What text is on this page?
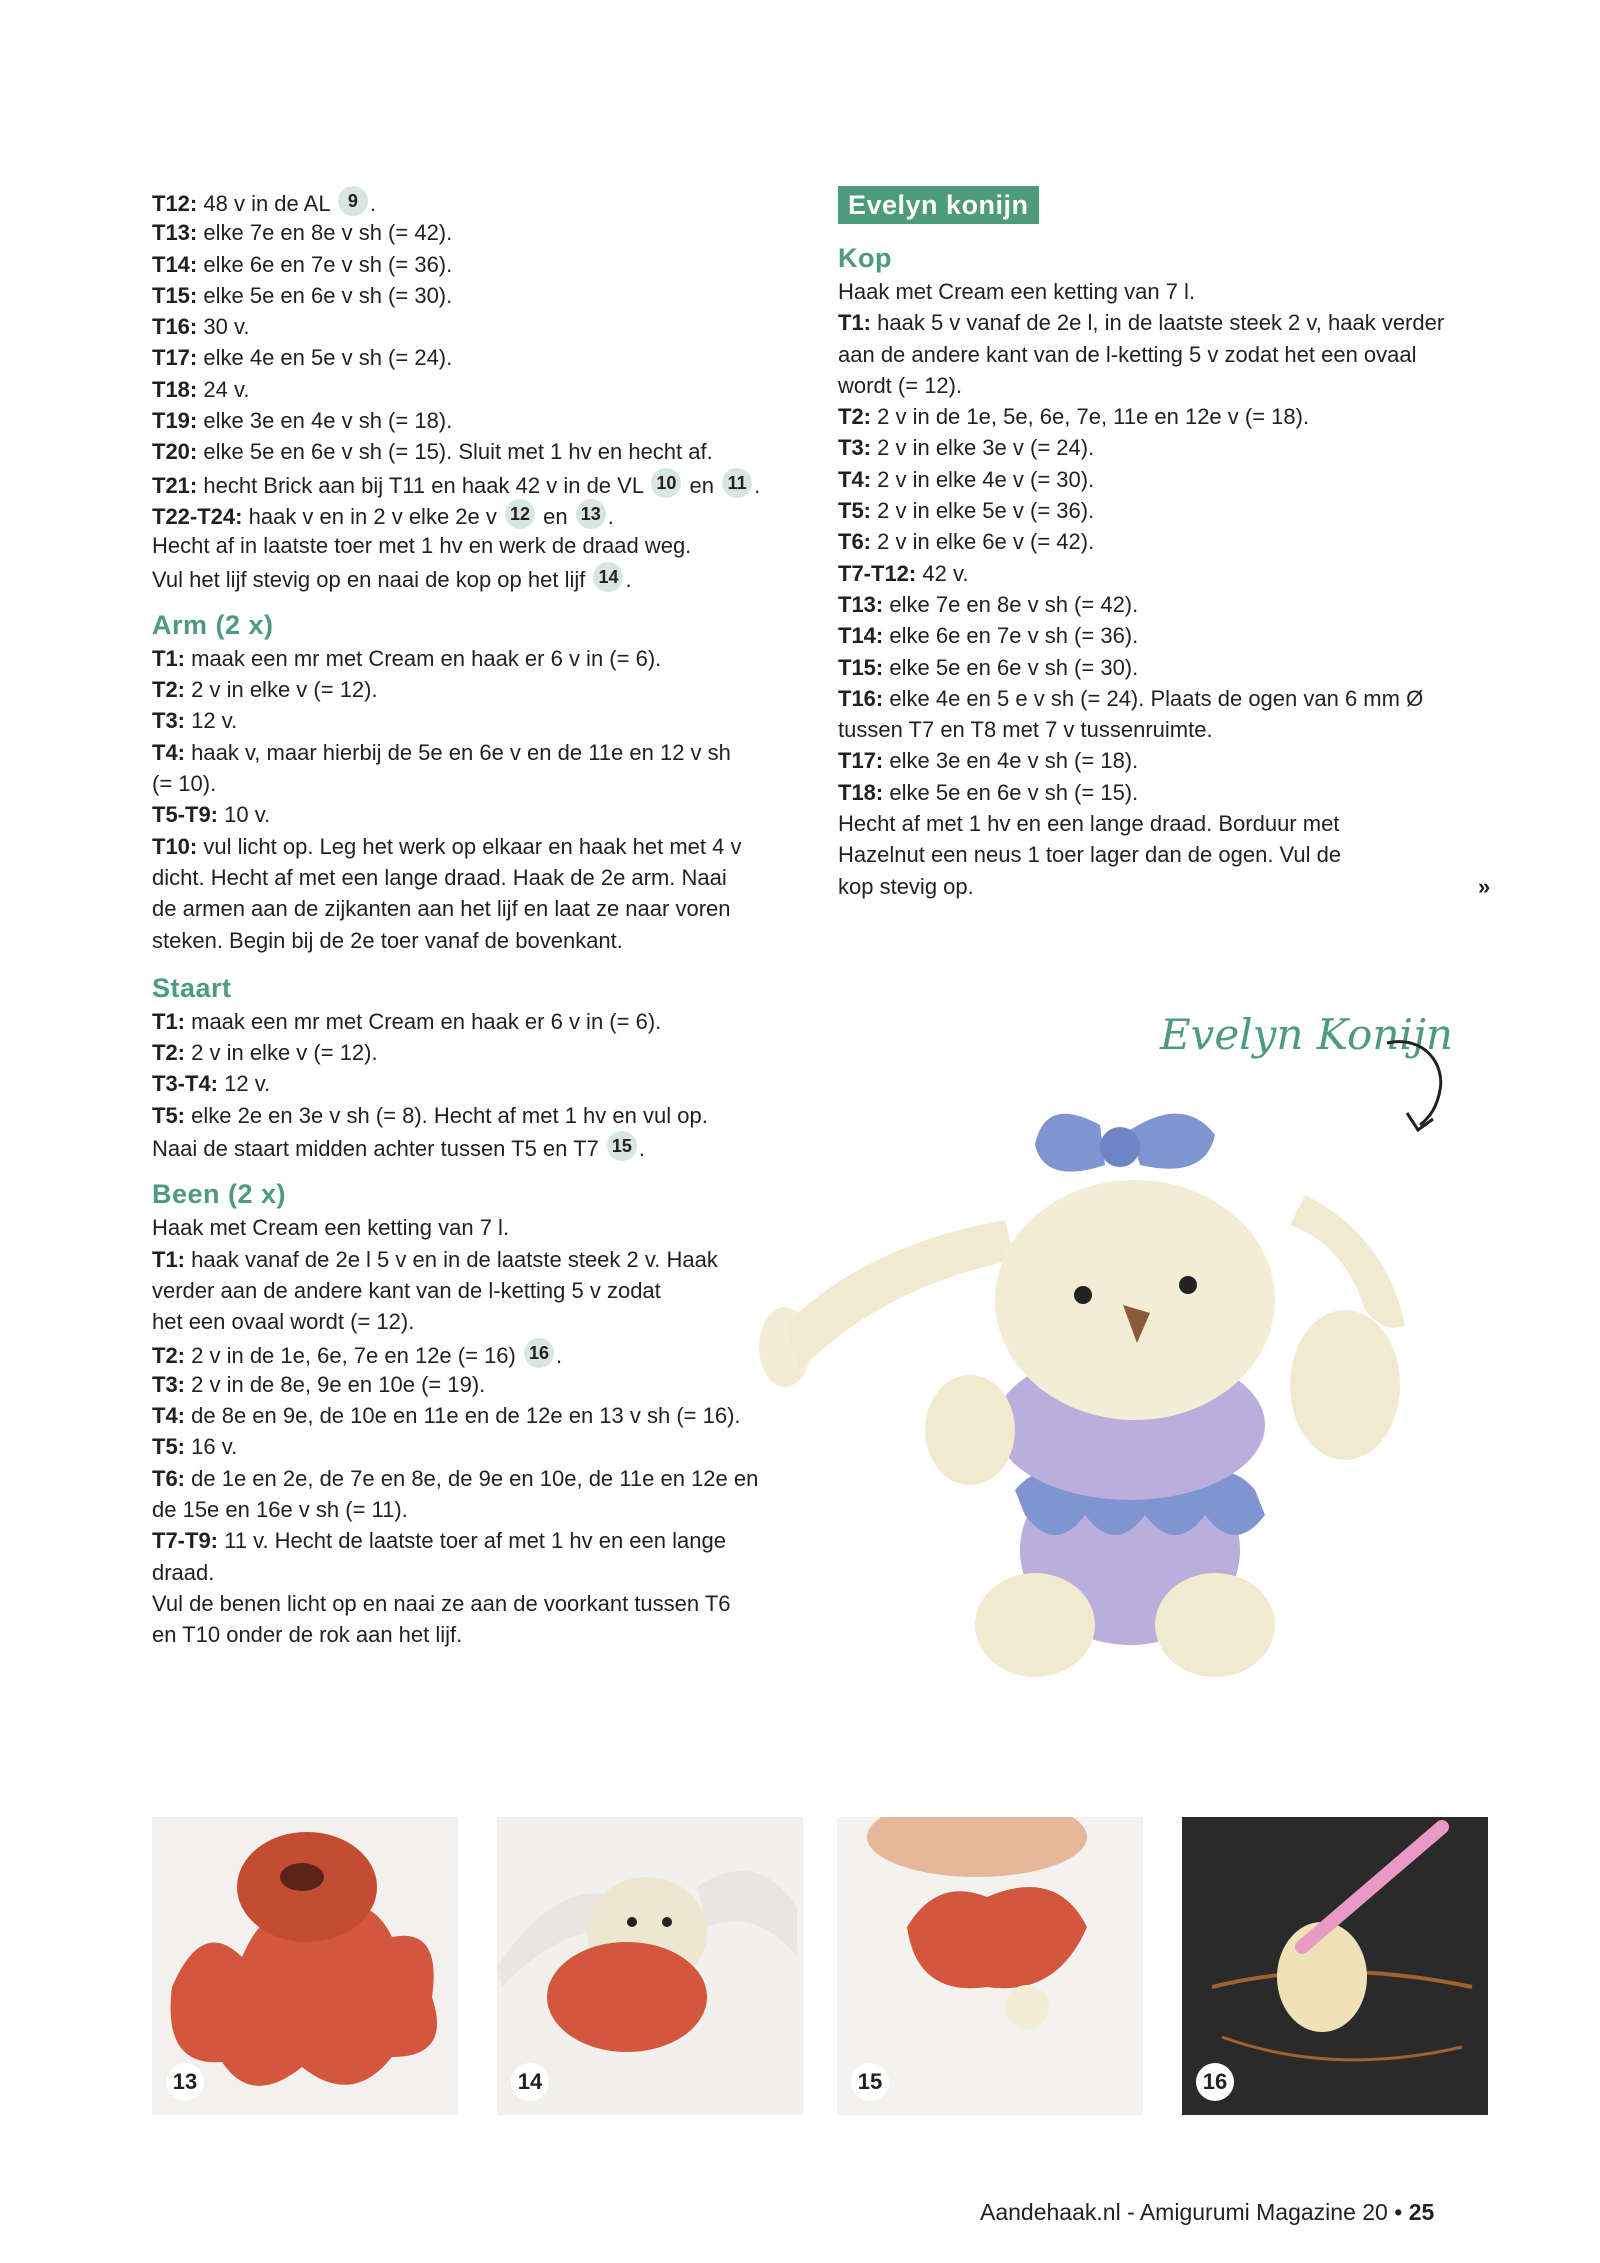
T12: 48 v in de AL 9 .
T13: elke 7e en 8e v sh (= 42).
T14: elke 6e en 7e v sh (= 36).
T15: elke 5e en 6e v sh (= 30).
T16: 30 v.
T17: elke 4e en 5e v sh (= 24).
T18: 24 v.
T19: elke 3e en 4e v sh (= 18).
T20: elke 5e en 6e v sh (= 15). Sluit met 1 hv en hecht af.
T21: hecht Brick aan bij T11 en haak 42 v in de VL 10 en 11 .
T22-T24: haak v en in 2 v elke 2e v 12 en 13 .
Hecht af in laatste toer met 1 hv en werk de draad weg.
Vul het lijf stevig op en naai de kop op het lijf 14 .
Arm (2 x)
T1: maak een mr met Cream en haak er 6 v in (= 6).
T2: 2 v in elke v (= 12).
T3: 12 v.
T4: haak v, maar hierbij de 5e en 6e v en de 11e en 12 v sh
(= 10).
T5-T9: 10 v.
T10: vul licht op. Leg het werk op elkaar en haak het met 4 v
dicht. Hecht af met een lange draad. Haak de 2e arm. Naai
de armen aan de zijkanten aan het lijf en laat ze naar voren
steken. Begin bij de 2e toer vanaf de bovenkant.
Staart
T1: maak een mr met Cream en haak er 6 v in (= 6).
T2: 2 v in elke v (= 12).
T3-T4: 12 v.
T5: elke 2e en 3e v sh (= 8). Hecht af met 1 hv en vul op.
Naai de staart midden achter tussen T5 en T7 15 .
Been (2 x)
Haak met Cream een ketting van 7 l.
T1: haak vanaf de 2e l 5 v en in de laatste steek 2 v. Haak
verder aan de andere kant van de l-ketting 5 v zodat
het een ovaal wordt (= 12).
T2: 2 v in de 1e, 6e, 7e en 12e (= 16) 16 .
T3: 2 v in de 8e, 9e en 10e (= 19).
T4: de 8e en 9e, de 10e en 11e en de 12e en 13 v sh (= 16).
T5: 16 v.
T6: de 1e en 2e, de 7e en 8e, de 9e en 10e, de 11e en 12e en
de 15e en 16e v sh (= 11).
T7-T9: 11 v. Hecht de laatste toer af met 1 hv en een lange
draad.
Vul de benen licht op en naai ze aan de voorkant tussen T6
en T10 onder de rok aan het lijf.
Evelyn konijn
Kop
Haak met Cream een ketting van 7 l.
T1: haak 5 v vanaf de 2e l, in de laatste steek 2 v, haak verder
aan de andere kant van de l-ketting 5 v zodat het een ovaal
wordt (= 12).
T2: 2 v in de 1e, 5e, 6e, 7e, 11e en 12e v (= 18).
T3: 2 v in elke 3e v (= 24).
T4: 2 v in elke 4e v (= 30).
T5: 2 v in elke 5e v (= 36).
T6: 2 v in elke 6e v (= 42).
T7-T12: 42 v.
T13: elke 7e en 8e v sh (= 42).
T14: elke 6e en 7e v sh (= 36).
T15: elke 5e en 6e v sh (= 30).
T16: elke 4e en 5 e v sh (= 24). Plaats de ogen van 6 mm Ø
tussen T7 en T8 met 7 v tussenruimte.
T17: elke 3e en 4e v sh (= 18).
T18: elke 5e en 6e v sh (= 15).
Hecht af met 1 hv en een lange draad. Borduur met
Hazelnut een neus 1 toer lager dan de ogen. Vul de
kop stevig op.	»
Evelyn Konijn
13	14	15	16
Aandehaak.nl - Amigurumi Magazine 20 • 25
